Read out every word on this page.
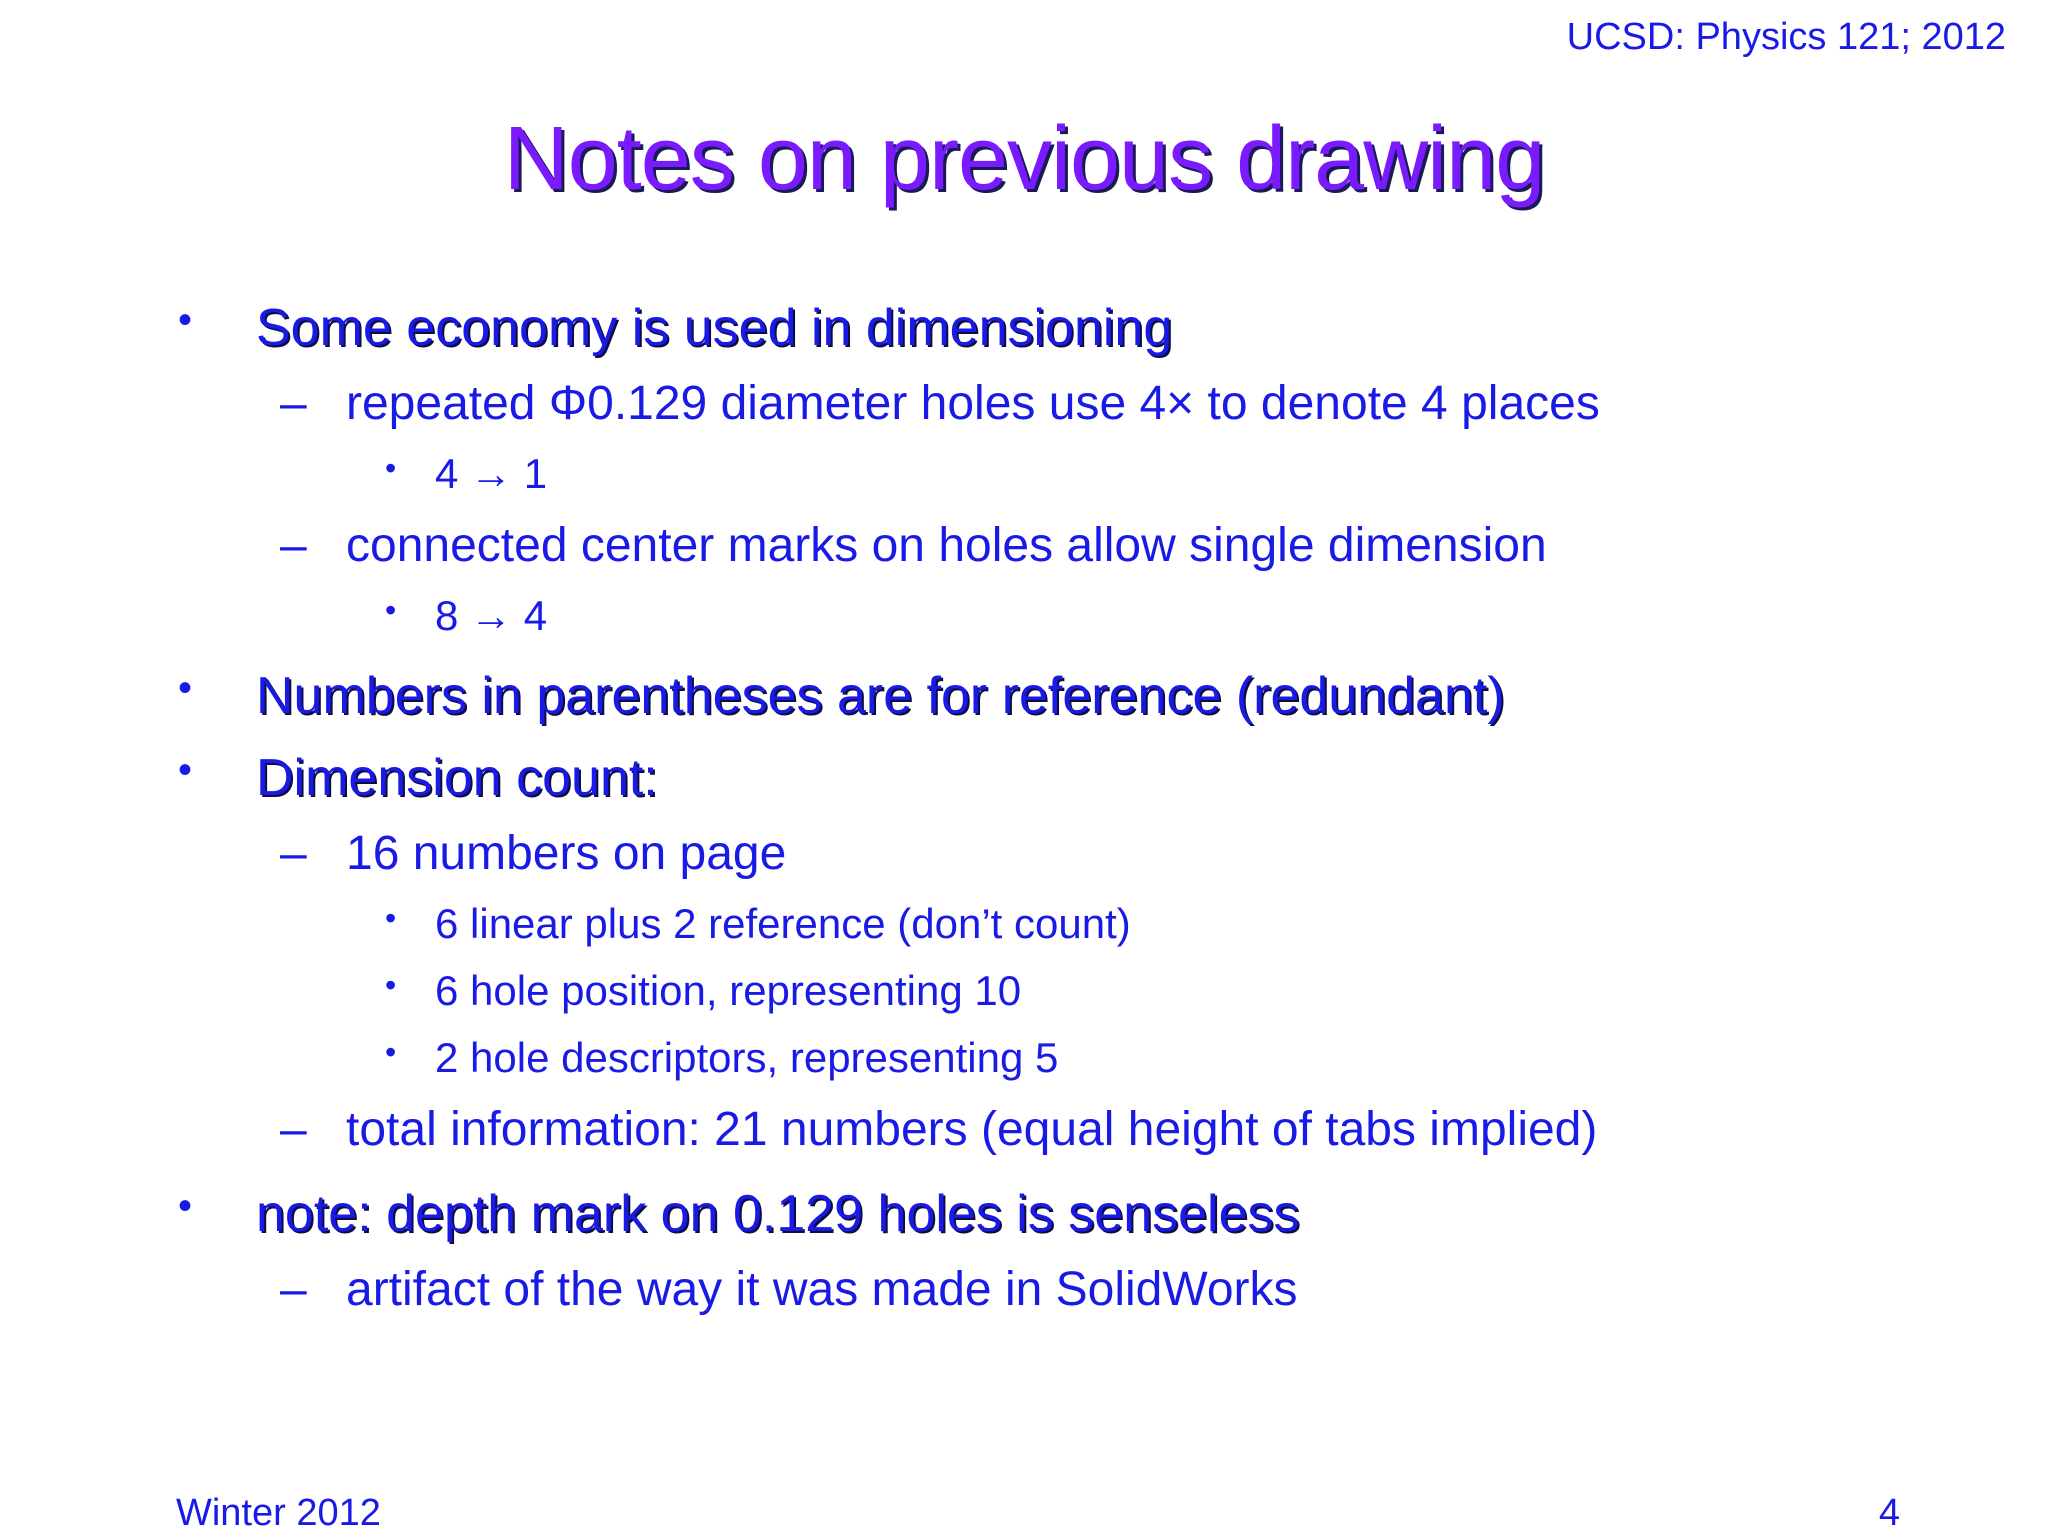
UCSD: Physics 121; 2012
Notes on previous drawing
• Some economy is used in dimensioning
– repeated Φ0.129 diameter holes use 4× to denote 4 places
• 4 → 1
– connected center marks on holes allow single dimension
• 8 → 4
• Numbers in parentheses are for reference (redundant)
• Dimension count:
– 16 numbers on page
• 6 linear plus 2 reference (don’t count)
• 6 hole position, representing 10
• 2 hole descriptors, representing 5
– total information: 21 numbers (equal height of tabs implied)
• note: depth mark on 0.129 holes is senseless
– artifact of the way it was made in SolidWorks
Winter 2012	4
